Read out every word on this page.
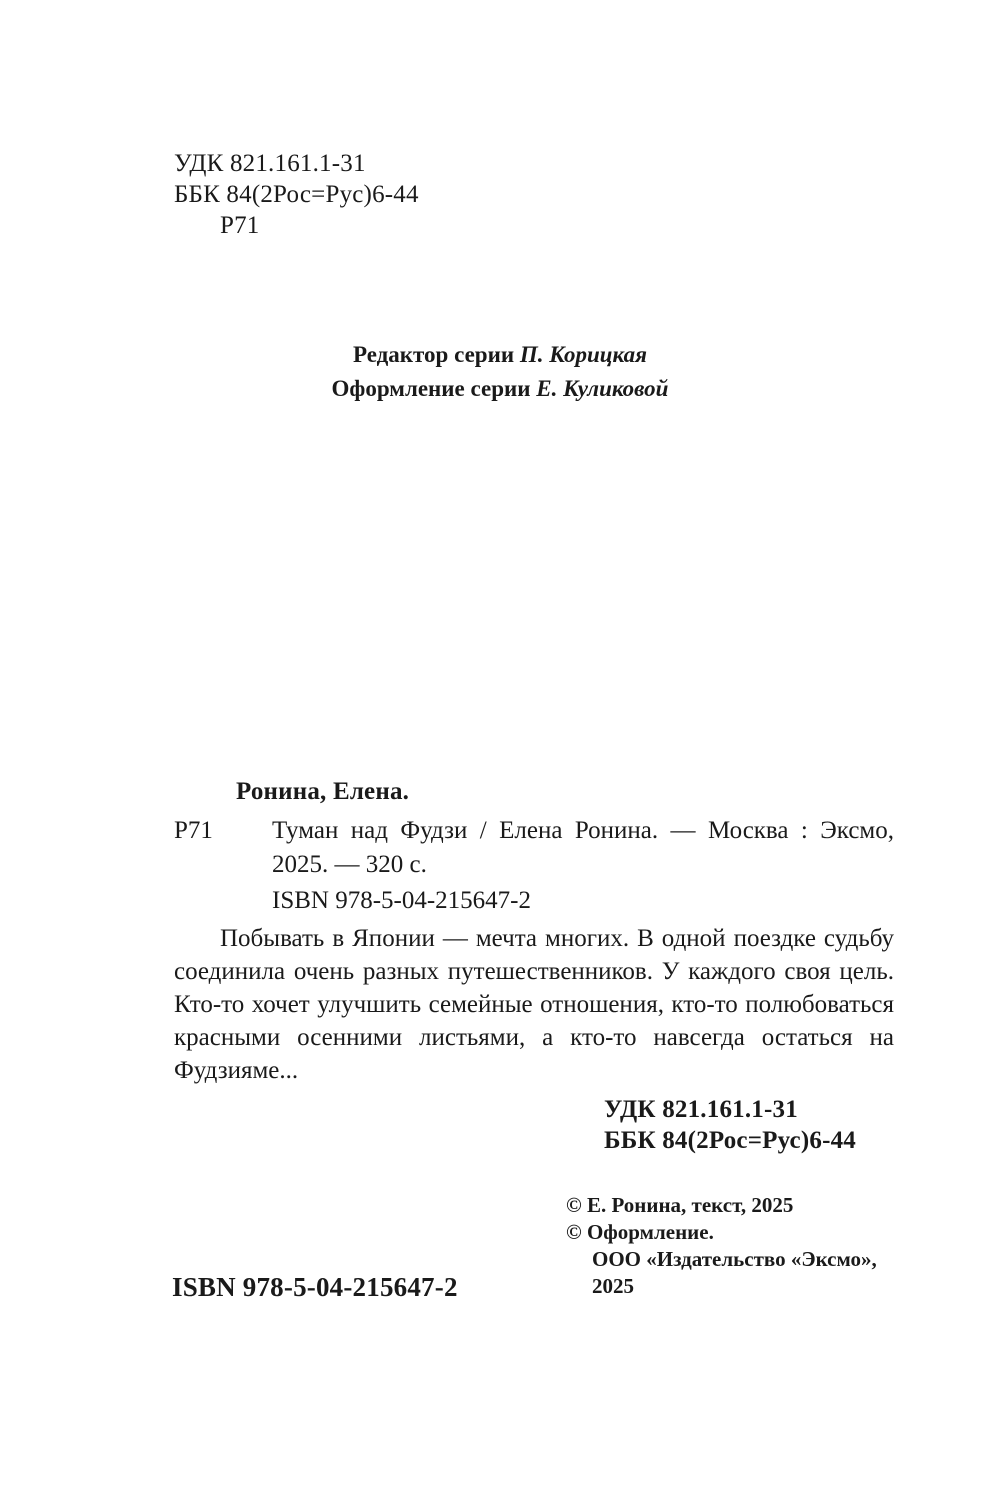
УДК 821.161.1-31
ББК 84(2Рос=Рус)6-44
Р71
Редактор серии П. Корицкая
Оформление серии Е. Куликовой
Ронина, Елена.
Р71 Туман над Фудзи / Елена Ронина. — Москва : Эксмо, 2025. — 320 с.
ISBN 978-5-04-215647-2
Побывать в Японии — мечта многих. В одной поездке судьбу соединила очень разных путешественников. У каждого своя цель. Кто-то хочет улучшить семейные отношения, кто-то полюбоваться красными осенними листьями, а кто-то навсегда остаться на Фудзияме...
УДК 821.161.1-31
ББК 84(2Рос=Рус)6-44
© Е. Ронина, текст, 2025
© Оформление.
ООО «Издательство «Эксмо»,
2025
ISBN 978-5-04-215647-2
